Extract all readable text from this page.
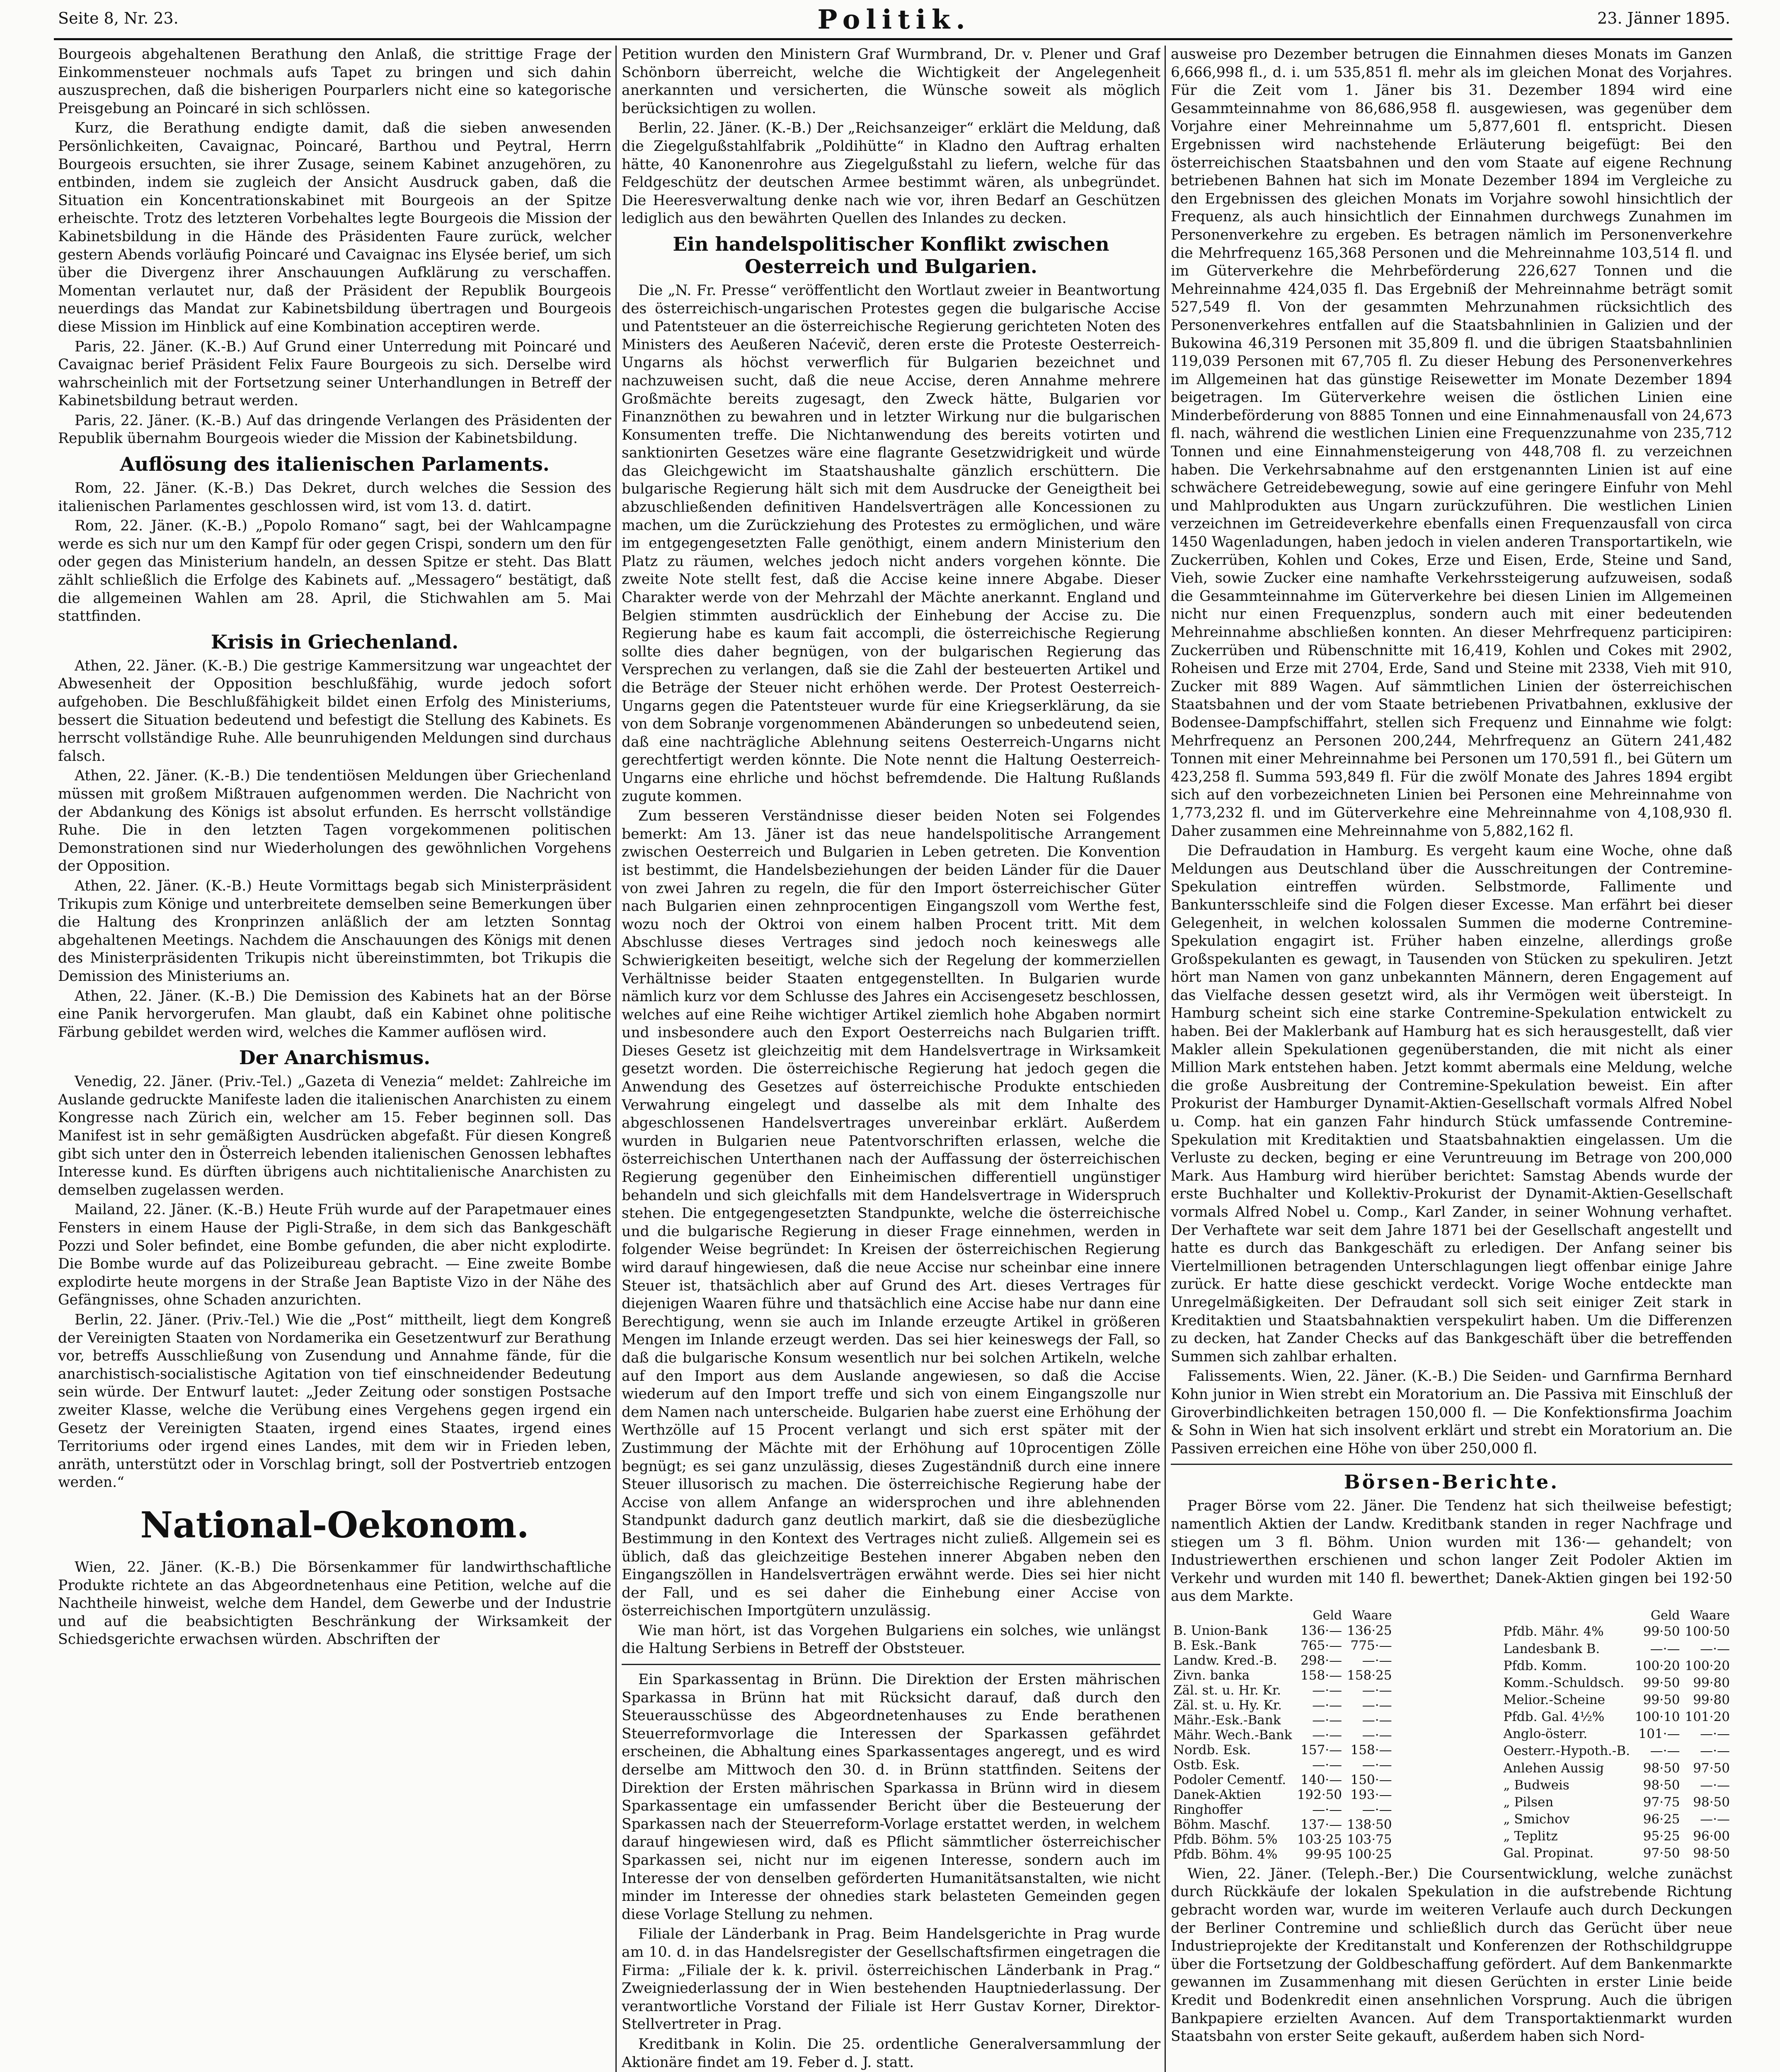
Seite 8, Nr. 23.	Politik.	23. Jänner 1895.

Bourgeois abgehaltenen Berathung den Anlaß, die strittige Frage der Einkommensteuer nochmals aufs Tapet zu bringen und sich dahin auszusprechen, daß die bisherigen Pourparlers nicht eine so kategorische Preisgebung an Poincaré in sich schlössen.

Kurz, die Berathung endigte damit, daß die sieben anwesenden Persönlichkeiten, Cavaignac, Poincaré, Barthou und Peytral, Herrn Bourgeois ersuchten, sie ihrer Zusage, seinem Kabinet anzugehören, zu entbinden, indem sie zugleich der Ansicht Ausdruck gaben, daß die Situation ein Koncentrationskabinet mit Bourgeois an der Spitze erheischte. Trotz des letzteren Vorbehaltes legte Bourgeois die Mission der Kabinetsbildung in die Hände des Präsidenten Faure zurück, welcher gestern Abends vorläufig Poincaré und Cavaignac ins Elysée berief, um sich über die Divergenz ihrer Anschauungen Aufklärung zu verschaffen. Momentan verlautet nur, daß der Präsident der Republik Bourgeois neuerdings das Mandat zur Kabinetsbildung übertragen und Bourgeois diese Mission im Hinblick auf eine Kombination acceptiren werde.

Paris, 22. Jäner. (K.-B.) Auf Grund einer Unterredung mit Poincaré und Cavaignac berief Präsident Felix Faure Bourgeois zu sich. Derselbe wird wahrscheinlich mit der Fortsetzung seiner Unterhandlungen in Betreff der Kabinetsbildung betraut werden.

Paris, 22. Jäner. (K.-B.) Auf das dringende Verlangen des Präsidenten der Republik übernahm Bourgeois wieder die Mission der Kabinetsbildung.

Auflösung des italienischen Parlaments.

Rom, 22. Jäner. (K.-B.) Das Dekret, durch welches die Session des italienischen Parlamentes geschlossen wird, ist vom 13. d. datirt.

Rom, 22. Jäner. (K.-B.) „Popolo Romano“ sagt, bei der Wahlcampagne werde es sich nur um den Kampf für oder gegen Crispi, sondern um den für oder gegen das Ministerium handeln, an dessen Spitze er steht. Das Blatt zählt schließlich die Erfolge des Kabinets auf. „Messagero“ bestätigt, daß die allgemeinen Wahlen am 28. April, die Stichwahlen am 5. Mai stattfinden.

Krisis in Griechenland.

Athen, 22. Jäner. (K.-B.) Die gestrige Kammersitzung war ungeachtet der Abwesenheit der Opposition beschlußfähig, wurde jedoch sofort aufgehoben. Die Beschlußfähigkeit bildet einen Erfolg des Ministeriums, bessert die Situation bedeutend und befestigt die Stellung des Kabinets. Es herrscht vollständige Ruhe. Alle beunruhigenden Meldungen sind durchaus falsch.

Athen, 22. Jäner. (K.-B.) Die tendentiösen Meldungen über Griechenland müssen mit großem Mißtrauen aufgenommen werden. Die Nachricht von der Abdankung des Königs ist absolut erfunden. Es herrscht vollständige Ruhe. Die in den letzten Tagen vorgekommenen politischen Demonstrationen sind nur Wiederholungen des gewöhnlichen Vorgehens der Opposition.

Athen, 22. Jäner. (K.-B.) Heute Vormittags begab sich Ministerpräsident Trikupis zum Könige und unterbreitete demselben seine Bemerkungen über die Haltung des Kronprinzen anläßlich der am letzten Sonntag abgehaltenen Meetings. Nachdem die Anschauungen des Königs mit denen des Ministerpräsidenten Trikupis nicht übereinstimmten, bot Trikupis die Demission des Ministeriums an.

Athen, 22. Jäner. (K.-B.) Die Demission des Kabinets hat an der Börse eine Panik hervorgerufen. Man glaubt, daß ein Kabinet ohne politische Färbung gebildet werden wird, welches die Kammer auflösen wird.

Der Anarchismus.

Venedig, 22. Jäner. (Priv.-Tel.) „Gazeta di Venezia“ meldet: Zahlreiche im Auslande gedruckte Manifeste laden die italienischen Anarchisten zu einem Kongresse nach Zürich ein, welcher am 15. Feber beginnen soll. Das Manifest ist in sehr gemäßigten Ausdrücken abgefaßt. Für diesen Kongreß gibt sich unter den in Österreich lebenden italienischen Genossen lebhaftes Interesse kund. Es dürften übrigens auch nichtitalienische Anarchisten zu demselben zugelassen werden.

Mailand, 22. Jäner. (K.-B.) Heute Früh wurde auf der Parapetmauer eines Fensters in einem Hause der Pigli-Straße, in dem sich das Bankgeschäft Pozzi und Soler befindet, eine Bombe gefunden, die aber nicht explodirte. Die Bombe wurde auf das Polizeibureau gebracht. — Eine zweite Bombe explodirte heute morgens in der Straße Jean Baptiste Vizo in der Nähe des Gefängnisses, ohne Schaden anzurichten.

Berlin, 22. Jäner. (Priv.-Tel.) Wie die „Post“ mittheilt, liegt dem Kongreß der Vereinigten Staaten von Nordamerika ein Gesetzentwurf zur Berathung vor, betreffs Ausschließung von Zusendung und Annahme fände, für die anarchistisch-socialistische Agitation von tief einschneidender Bedeutung sein würde. Der Entwurf lautet: „Jeder Zeitung oder sonstigen Postsache zweiter Klasse, welche die Verübung eines Vergehens gegen irgend ein Gesetz der Vereinigten Staaten, irgend eines Staates, irgend eines Territoriums oder irgend eines Landes, mit dem wir in Frieden leben, anräth, unterstützt oder in Vorschlag bringt, soll der Postvertrieb entzogen werden.“

National-Oekonom.

Wien, 22. Jäner. (K.-B.) Die Börsenkammer für landwirthschaftliche Produkte richtete an das Abgeordnetenhaus eine Petition, welche auf die Nachtheile hinweist, welche dem Handel, dem Gewerbe und der Industrie und auf die beabsichtigten Beschränkung der Wirksamkeit der Schiedsgerichte erwachsen würden. Abschriften der

Petition wurden den Ministern Graf Wurmbrand, Dr. v. Plener und Graf Schönborn überreicht, welche die Wichtigkeit der Angelegenheit anerkannten und versicherten, die Wünsche soweit als möglich berücksichtigen zu wollen.

Berlin, 22. Jäner. (K.-B.) Der „Reichsanzeiger“ erklärt die Meldung, daß die Ziegelgußstahlfabrik „Poldihütte“ in Kladno den Auftrag erhalten hätte, 40 Kanonenrohre aus Ziegelgußstahl zu liefern, welche für das Feldgeschütz der deutschen Armee bestimmt wären, als unbegründet. Die Heeresverwaltung denke nach wie vor, ihren Bedarf an Geschützen lediglich aus den bewährten Quellen des Inlandes zu decken.

Ein handelspolitischer Konflikt zwischen Oesterreich und Bulgarien.

Die „N. Fr. Presse“ veröffentlicht den Wortlaut zweier in Beantwortung des österreichisch-ungarischen Protestes gegen die bulgarische Accise und Patentsteuer an die österreichische Regierung gerichteten Noten des Ministers des Aeußeren Naćevič, deren erste die Proteste Oesterreich-Ungarns als höchst verwerflich für Bulgarien bezeichnet und nachzuweisen sucht, daß die neue Accise, deren Annahme mehrere Großmächte bereits zugesagt, den Zweck hätte, Bulgarien vor Finanznöthen zu bewahren und in letzter Wirkung nur die bulgarischen Konsumenten treffe. Die Nichtanwendung des bereits votirten und sanktionirten Gesetzes wäre eine flagrante Gesetzwidrigkeit und würde das Gleichgewicht im Staatshaushalte gänzlich erschüttern. Die bulgarische Regierung hält sich mit dem Ausdrucke der Geneigtheit bei abzuschließenden definitiven Handelsverträgen alle Koncessionen zu machen, um die Zurückziehung des Protestes zu ermöglichen, und wäre im entgegengesetzten Falle genöthigt, einem andern Ministerium den Platz zu räumen, welches jedoch nicht anders vorgehen könnte. Die zweite Note stellt fest, daß die Accise keine innere Abgabe. Dieser Charakter werde von der Mehrzahl der Mächte anerkannt. England und Belgien stimmten ausdrücklich der Einhebung der Accise zu. Die Regierung habe es kaum fait accompli, die österreichische Regierung sollte dies daher begnügen, von der bulgarischen Regierung das Versprechen zu verlangen, daß sie die Zahl der besteuerten Artikel und die Beträge der Steuer nicht erhöhen werde. Der Protest Oesterreich-Ungarns gegen die Patentsteuer wurde für eine Kriegserklärung, da sie von dem Sobranje vorgenommenen Abänderungen so unbedeutend seien, daß eine nachträgliche Ablehnung seitens Oesterreich-Ungarns nicht gerechtfertigt werden könnte. Die Note nennt die Haltung Oesterreich-Ungarns eine ehrliche und höchst befremdende. Die Haltung Rußlands zugute kommen.

Zum besseren Verständnisse dieser beiden Noten sei Folgendes bemerkt: Am 13. Jäner ist das neue handelspolitische Arrangement zwischen Oesterreich und Bulgarien in Leben getreten. Die Konvention ist bestimmt, die Handelsbeziehungen der beiden Länder für die Dauer von zwei Jahren zu regeln, die für den Import österreichischer Güter nach Bulgarien einen zehnprocentigen Eingangszoll vom Werthe fest, wozu noch der Oktroi von einem halben Procent tritt. Mit dem Abschlusse dieses Vertrages sind jedoch noch keineswegs alle Schwierigkeiten beseitigt, welche sich der Regelung der kommerziellen Verhältnisse beider Staaten entgegenstellten. In Bulgarien wurde nämlich kurz vor dem Schlusse des Jahres ein Accisengesetz beschlossen, welches auf eine Reihe wichtiger Artikel ziemlich hohe Abgaben normirt und insbesondere auch den Export Oesterreichs nach Bulgarien trifft. Dieses Gesetz ist gleichzeitig mit dem Handelsvertrage in Wirksamkeit gesetzt worden. Die österreichische Regierung hat jedoch gegen die Anwendung des Gesetzes auf österreichische Produkte entschieden Verwahrung eingelegt und dasselbe als mit dem Inhalte des abgeschlossenen Handelsvertrages unvereinbar erklärt. Außerdem wurden in Bulgarien neue Patentvorschriften erlassen, welche die österreichischen Unterthanen nach der Auffassung der österreichischen Regierung gegenüber den Einheimischen differentiell ungünstiger behandeln und sich gleichfalls mit dem Handelsvertrage in Widerspruch stehen. Die entgegengesetzten Standpunkte, welche die österreichische und die bulgarische Regierung in dieser Frage einnehmen, werden in folgender Weise begründet: In Kreisen der österreichischen Regierung wird darauf hingewiesen, daß die neue Accise nur scheinbar eine innere Steuer ist, thatsächlich aber auf Grund des Art. dieses Vertrages für diejenigen Waaren führe und thatsächlich eine Accise habe nur dann eine Berechtigung, wenn sie auch im Inlande erzeugte Artikel in größeren Mengen im Inlande erzeugt werden. Das sei hier keineswegs der Fall, so daß die bulgarische Konsum wesentlich nur bei solchen Artikeln, welche auf den Import aus dem Auslande angewiesen, so daß die Accise wiederum auf den Import treffe und sich von einem Eingangszolle nur dem Namen nach unterscheide. Bulgarien habe zuerst eine Erhöhung der Werthzölle auf 15 Procent verlangt und sich erst später mit der Zustimmung der Mächte mit der Erhöhung auf 10procentigen Zölle begnügt; es sei ganz unzulässig, dieses Zugeständniß durch eine innere Steuer illusorisch zu machen. Die österreichische Regierung habe der Accise von allem Anfange an widersprochen und ihre ablehnenden Standpunkt dadurch ganz deutlich markirt, daß sie die diesbezügliche Bestimmung in den Kontext des Vertrages nicht zuließ. Allgemein sei es üblich, daß das gleichzeitige Bestehen innerer Abgaben neben den Eingangszöllen in Handelsverträgen erwähnt werde. Dies sei hier nicht der Fall, und es sei daher die Einhebung einer Accise von österreichischen Importgütern unzulässig.

Wie man hört, ist das Vorgehen Bulgariens ein solches, wie unlängst die Haltung Serbiens in Betreff der Obststeuer.

Ein Sparkassentag in Brünn. Die Direktion der Ersten mährischen Sparkassa in Brünn hat mit Rücksicht darauf, daß durch den Steuerausschüsse des Abgeordnetenhauses zu Ende berathenen Steuerreformvorlage die Interessen der Sparkassen gefährdet erscheinen, die Abhaltung eines Sparkassentages angeregt, und es wird derselbe am Mittwoch den 30. d. in Brünn stattfinden. Seitens der Direktion der Ersten mährischen Sparkassa in Brünn wird in diesem Sparkassentage ein umfassender Bericht über die Besteuerung der Sparkassen nach der Steuerreform-Vorlage erstattet werden, in welchem darauf hingewiesen wird, daß es Pflicht sämmtlicher österreichischer Sparkassen sei, nicht nur im eigenen Interesse, sondern auch im Interesse der von denselben geförderten Humanitätsanstalten, wie nicht minder im Interesse der ohnedies stark belasteten Gemeinden gegen diese Vorlage Stellung zu nehmen.

Filiale der Länderbank in Prag. Beim Handelsgerichte in Prag wurde am 10. d. in das Handelsregister der Gesellschaftsfirmen eingetragen die Firma: „Filiale der k. k. privil. österreichischen Länderbank in Prag.“ Zweigniederlassung der in Wien bestehenden Hauptniederlassung. Der verantwortliche Vorstand der Filiale ist Herr Gustav Korner, Direktor-Stellvertreter in Prag.

Kreditbank in Kolin. Die 25. ordentliche Generalversammlung der Aktionäre findet am 19. Feber d. J. statt.

ausweise pro Dezember betrugen die Einnahmen dieses Monats im Ganzen 6,666,998 fl., d. i. um 535,851 fl. mehr als im gleichen Monat des Vorjahres. Für die Zeit vom 1. Jäner bis 31. Dezember 1894 wird eine Gesammteinnahme von 86,686,958 fl. ausgewiesen, was gegenüber dem Vorjahre einer Mehreinnahme um 5,877,601 fl. entspricht. Diesen Ergebnissen wird nachstehende Erläuterung beigefügt: Bei den österreichischen Staatsbahnen und den vom Staate auf eigene Rechnung betriebenen Bahnen hat sich im Monate Dezember 1894 im Vergleiche zu den Ergebnissen des gleichen Monats im Vorjahre sowohl hinsichtlich der Frequenz, als auch hinsichtlich der Einnahmen durchwegs Zunahmen im Personenverkehre zu ergeben. Es betragen nämlich im Personenverkehre die Mehrfrequenz 165,368 Personen und die Mehreinnahme 103,514 fl. und im Güterverkehre die Mehrbeförderung 226,627 Tonnen und die Mehreinnahme 424,035 fl. Das Ergebniß der Mehreinnahme beträgt somit 527,549 fl. Von der gesammten Mehrzunahmen rücksichtlich des Personenverkehres entfallen auf die Staatsbahnlinien in Galizien und der Bukowina 46,319 Personen mit 35,809 fl. und die übrigen Staatsbahnlinien 119,039 Personen mit 67,705 fl. Zu dieser Hebung des Personenverkehres im Allgemeinen hat das günstige Reisewetter im Monate Dezember 1894 beigetragen. Im Güterverkehre weisen die östlichen Linien eine Minderbeförderung von 8885 Tonnen und eine Einnahmenausfall von 24,673 fl. nach, während die westlichen Linien eine Frequenzzunahme von 235,712 Tonnen und eine Einnahmensteigerung von 448,708 fl. zu verzeichnen haben. Die Verkehrsabnahme auf den erstgenannten Linien ist auf eine schwächere Getreidebewegung, sowie auf eine geringere Einfuhr von Mehl und Mahlprodukten aus Ungarn zurückzuführen. Die westlichen Linien verzeichnen im Getreideverkehre ebenfalls einen Frequenzausfall von circa 1450 Wagenladungen, haben jedoch in vielen anderen Transportartikeln, wie Zuckerrüben, Kohlen und Cokes, Erze und Eisen, Erde, Steine und Sand, Vieh, sowie Zucker eine namhafte Verkehrssteigerung aufzuweisen, sodaß die Gesammteinnahme im Güterverkehre bei diesen Linien im Allgemeinen nicht nur einen Frequenzplus, sondern auch mit einer bedeutenden Mehreinnahme abschließen konnten. An dieser Mehrfrequenz participiren: Zuckerrüben und Rübenschnitte mit 16,419, Kohlen und Cokes mit 2902, Roheisen und Erze mit 2704, Erde, Sand und Steine mit 2338, Vieh mit 910, Zucker mit 889 Wagen. Auf sämmtlichen Linien der österreichischen Staatsbahnen und der vom Staate betriebenen Privatbahnen, exklusive der Bodensee-Dampfschiffahrt, stellen sich Frequenz und Einnahme wie folgt: Mehrfrequenz an Personen 200,244, Mehrfrequenz an Gütern 241,482 Tonnen mit einer Mehreinnahme bei Personen um 170,591 fl., bei Gütern um 423,258 fl. Summa 593,849 fl. Für die zwölf Monate des Jahres 1894 ergibt sich auf den vorbezeichneten Linien bei Personen eine Mehreinnahme von 1,773,232 fl. und im Güterverkehre eine Mehreinnahme von 4,108,930 fl. Daher zusammen eine Mehreinnahme von 5,882,162 fl.

Die Defraudation in Hamburg. Es vergeht kaum eine Woche, ohne daß Meldungen aus Deutschland über die Ausschreitungen der Contremine-Spekulation eintreffen würden. Selbstmorde, Fallimente und Bankuntersschleife sind die Folgen dieser Excesse. Man erfährt bei dieser Gelegenheit, in welchen kolossalen Summen die moderne Contremine-Spekulation engagirt ist. Früher haben einzelne, allerdings große Großspekulanten es gewagt, in Tausenden von Stücken zu spekuliren. Jetzt hört man Namen von ganz unbekannten Männern, deren Engagement auf das Vielfache dessen gesetzt wird, als ihr Vermögen weit übersteigt. In Hamburg scheint sich eine starke Contremine-Spekulation entwickelt zu haben. Bei der Maklerbank auf Hamburg hat es sich herausgestellt, daß vier Makler allein Spekulationen gegenüberstanden, die mit nicht als einer Million Mark entstehen haben. Jetzt kommt abermals eine Meldung, welche die große Ausbreitung der Contremine-Spekulation beweist. Ein after Prokurist der Hamburger Dynamit-Aktien-Gesellschaft vormals Alfred Nobel u. Comp. hat ein ganzen Fahr hindurch Stück umfassende Contremine-Spekulation mit Kreditaktien und Staatsbahnaktien eingelassen. Um die Verluste zu decken, beging er eine Veruntreuung im Betrage von 200,000 Mark. Aus Hamburg wird hierüber berichtet: Samstag Abends wurde der erste Buchhalter und Kollektiv-Prokurist der Dynamit-Aktien-Gesellschaft vormals Alfred Nobel u. Comp., Karl Zander, in seiner Wohnung verhaftet. Der Verhaftete war seit dem Jahre 1871 bei der Gesellschaft angestellt und hatte es durch das Bankgeschäft zu erledigen. Der Anfang seiner bis Viertelmillionen betragenden Unterschlagungen liegt offenbar einige Jahre zurück. Er hatte diese geschickt verdeckt. Vorige Woche entdeckte man Unregelmäßigkeiten. Der Defraudant soll sich seit einiger Zeit stark in Kreditaktien und Staatsbahnaktien verspekulirt haben. Um die Differenzen zu decken, hat Zander Checks auf das Bankgeschäft über die betreffenden Summen sich zahlbar erhalten.

Falissements. Wien, 22. Jäner. (K.-B.) Die Seiden- und Garnfirma Bernhard Kohn junior in Wien strebt ein Moratorium an. Die Passiva mit Einschluß der Giroverbindlichkeiten betragen 150,000 fl. — Die Konfektionsfirma Joachim & Sohn in Wien hat sich insolvent erklärt und strebt ein Moratorium an. Die Passiven erreichen eine Höhe von über 250,000 fl.

Börsen-Berichte.

Prager Börse vom 22. Jäner. Die Tendenz hat sich theilweise befestigt; namentlich Aktien der Landw. Kreditbank standen in reger Nachfrage und stiegen um 3 fl. Böhm. Union wurden mit 136·— gehandelt; von Industriewerthen erschienen und schon langer Zeit Podoler Aktien im Verkehr und wurden mit 140 fl. bewerthet; Danek-Aktien gingen bei 192·50 aus dem Markte.

	Geld	Waare
B. Union-Bank	136·—	136·25
B. Esk.-Bank	765·—	775·—
Landw. Kred.-B.	298·—	—·—
Zivn. banka	158·—	158·25
Zäl. st. u. Hr. Kr.	—·—	—·—
Zäl. st. u. Hy. Kr.	—·—	—·—
Mähr.-Esk.-Bank	—·—	—·—
Mähr. Wech.-Bank	—·—	—·—
Nordb. Esk.	157·—	158·—
Ostb. Esk.	—·—	—·—
Podoler Cementf.	140·—	150·—
Danek-Aktien	192·50	193·—
Ringhoffer	—·—	—·—
Böhm. Maschf.	137·—	138·50
Pfdb. Böhm. 5%	103·25	103·75
Pfdb. Böhm. 4%	99·95	100·25
	Geld	Waare
Pfdb. Mähr. 4%	99·50	100·50
Landesbank B.	—·—	—·—
Pfdb. Komm.	100·20	100·20
Komm.-Schuldsch.	99·50	99·80
Melior.-Scheine	99·50	99·80
Pfdb. Gal. 4½%	100·10	101·20
Anglo-österr.	101·—	—·—
Oesterr.-Hypoth.-B.	—·—	—·—
Anlehen Aussig	98·50	97·50
„ Budweis	98·50	—·—
„ Pilsen	97·75	98·50
„ Smichov	96·25	—·—
„ Teplitz	95·25	96·00
Gal. Propinat.	97·50	98·50

Wien, 22. Jäner. (Teleph.-Ber.) Die Coursentwicklung, welche zunächst durch Rückkäufe der lokalen Spekulation in die aufstrebende Richtung gebracht worden war, wurde im weiteren Verlaufe auch durch Deckungen der Berliner Contremine und schließlich durch das Gerücht über neue Industrieprojekte der Kreditanstalt und Konferenzen der Rothschildgruppe über die Fortsetzung der Goldbeschaffung gefördert. Auf dem Bankenmarkte gewannen im Zusammenhang mit diesen Gerüchten in erster Linie beide Kredit und Bodenkredit einen ansehnlichen Vorsprung. Auch die übrigen Bankpapiere erzielten Avancen. Auf dem Transportaktienmarkt wurden Staatsbahn von erster Seite gekauft, außerdem haben sich Nord-
